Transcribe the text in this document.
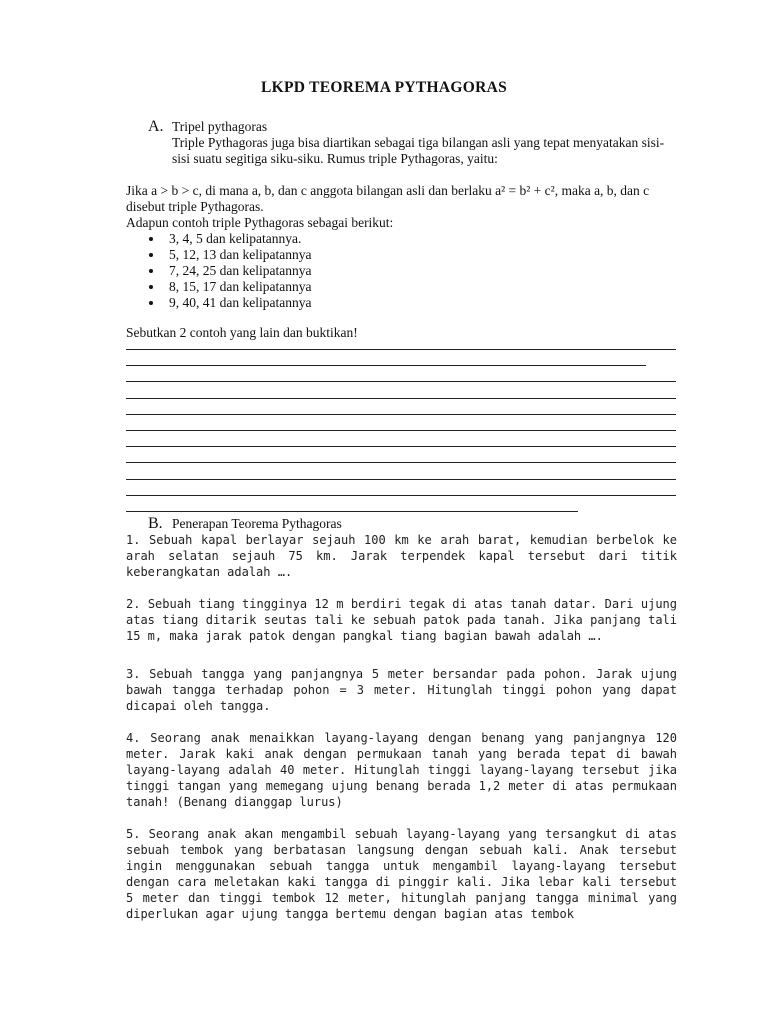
LKPD TEOREMA PYTHAGORAS
A. Tripel pythagoras

Triple Pythagoras juga bisa diartikan sebagai tiga bilangan asli yang tepat menyatakan sisi-sisi suatu segitiga siku-siku. Rumus triple Pythagoras, yaitu:

Jika a > b > c, di mana a, b, dan c anggota bilangan asli dan berlaku a² = b² + c², maka a, b, dan c disebut triple Pythagoras.

Adapun contoh triple Pythagoras sebagai berikut:

3, 4, 5 dan kelipatannya.
5, 12, 13 dan kelipatannya
7, 24, 25 dan kelipatannya
8, 15, 17 dan kelipatannya
9, 40, 41 dan kelipatannya

Sebutkan 2 contoh yang lain dan buktikan!

B. Penerapan Teorema Pythagoras

1. Sebuah kapal berlayar sejauh 100 km ke arah barat, kemudian berbelok ke arah selatan sejauh 75 km. Jarak terpendek kapal tersebut dari titik keberangkatan adalah ….

2. Sebuah tiang tingginya 12 m berdiri tegak di atas tanah datar. Dari ujung atas tiang ditarik seutas tali ke sebuah patok pada tanah. Jika panjang tali 15 m, maka jarak patok dengan pangkal tiang bagian bawah adalah ….

3. Sebuah tangga yang panjangnya 5 meter bersandar pada pohon. Jarak ujung bawah tangga terhadap pohon = 3 meter. Hitunglah tinggi pohon yang dapat dicapai oleh tangga.

4. Seorang anak menaikkan layang-layang dengan benang yang panjangnya 120 meter. Jarak kaki anak dengan permukaan tanah yang berada tepat di bawah layang-layang adalah 40 meter. Hitunglah tinggi layang-layang tersebut jika tinggi tangan yang memegang ujung benang berada 1,2 meter di atas permukaan tanah! (Benang dianggap lurus)

5. Seorang anak akan mengambil sebuah layang-layang yang tersangkut di atas sebuah tembok yang berbatasan langsung dengan sebuah kali. Anak tersebut ingin menggunakan sebuah tangga untuk mengambil layang-layang tersebut dengan cara meletakan kaki tangga di pinggir kali. Jika lebar kali tersebut 5 meter dan tinggi tembok 12 meter, hitunglah panjang tangga minimal yang diperlukan agar ujung tangga bertemu dengan bagian atas tembok
